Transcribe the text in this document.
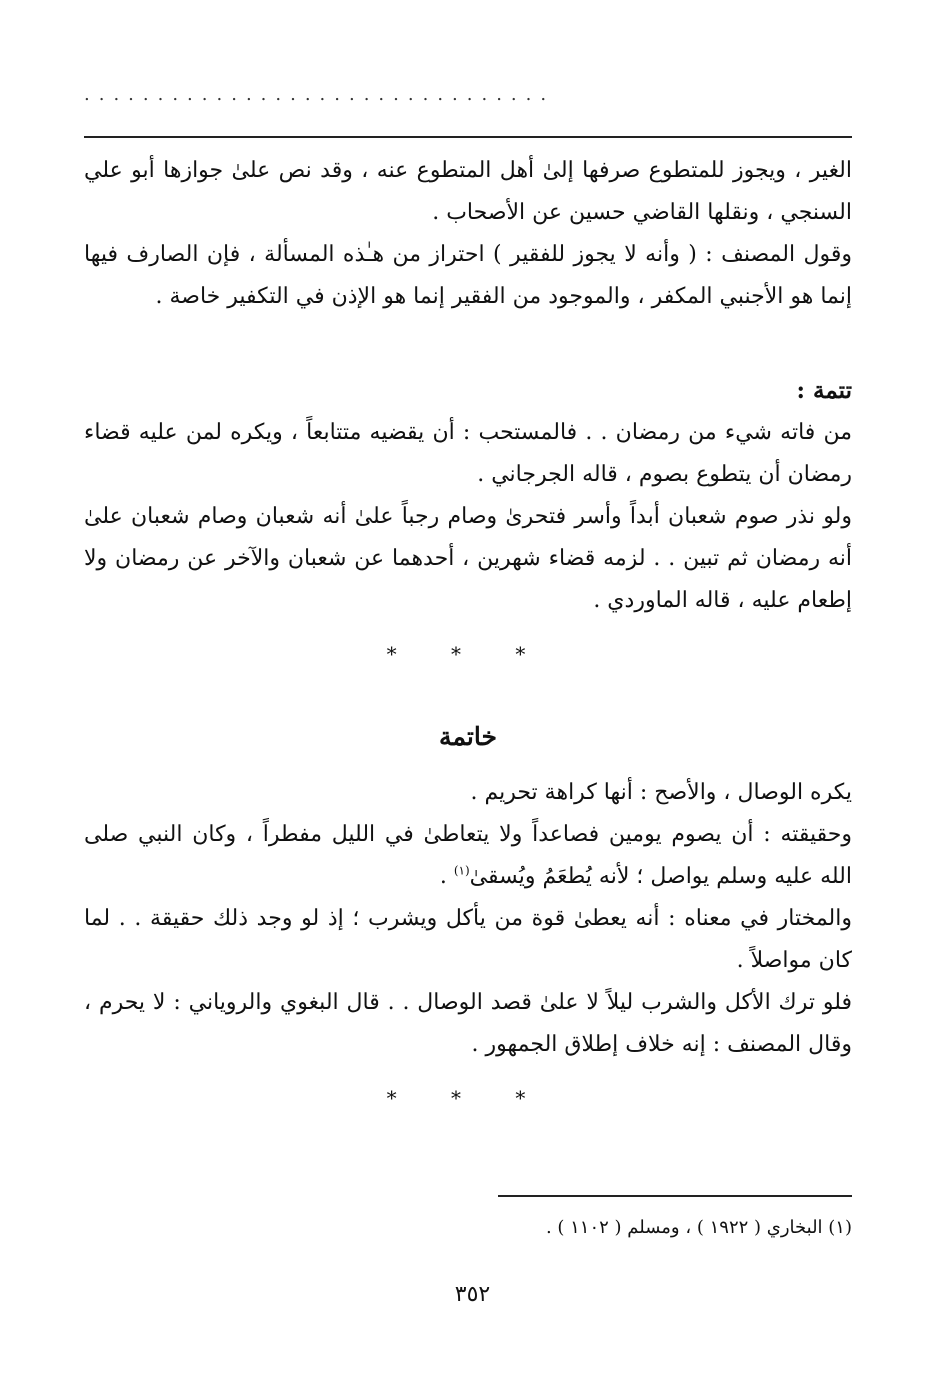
................................

الغير ، ويجوز للمتطوع صرفها إلىٰ أهل المتطوع عنه ، وقد نص علىٰ جوازها أبو علي السنجي ، ونقلها القاضي حسين عن الأصحاب .

وقول المصنف : ( وأنه لا يجوز للفقير ) احتراز من هـٰذه المسألة ، فإن الصارف فيها إنما هو الأجنبي المكفر ، والموجود من الفقير إنما هو الإذن في التكفير خاصة .

تتمة :

من فاته شيء من رمضان . . فالمستحب : أن يقضيه متتابعاً ، ويكره لمن عليه قضاء رمضان أن يتطوع بصوم ، قاله الجرجاني .

ولو نذر صوم شعبان أبداً وأسر فتحرىٰ وصام رجباً علىٰ أنه شعبان وصام شعبان علىٰ أنه رمضان ثم تبين . . لزمه قضاء شهرين ، أحدهما عن شعبان والآخر عن رمضان ولا إطعام عليه ، قاله الماوردي .

* * *
خاتمة

يكره الوصال ، والأصح : أنها كراهة تحريم .

وحقيقته : أن يصوم يومين فصاعداً ولا يتعاطىٰ في الليل مفطراً ، وكان النبي صلى الله عليه وسلم يواصل ؛ لأنه يُطعَمُ ويُسقىٰ$^{(١)}$ .

والمختار في معناه : أنه يعطىٰ قوة من يأكل ويشرب ؛ إذ لو وجد ذلك حقيقة . . لما كان مواصلاً .

فلو ترك الأكل والشرب ليلاً لا علىٰ قصد الوصال . . قال البغوي والروياني : لا يحرم ، وقال المصنف : إنه خلاف إطلاق الجمهور .

* * *
(١) البخاري ( ١٩٢٢ ) ، ومسلم ( ١١٠٢ ) .
٣٥٢
